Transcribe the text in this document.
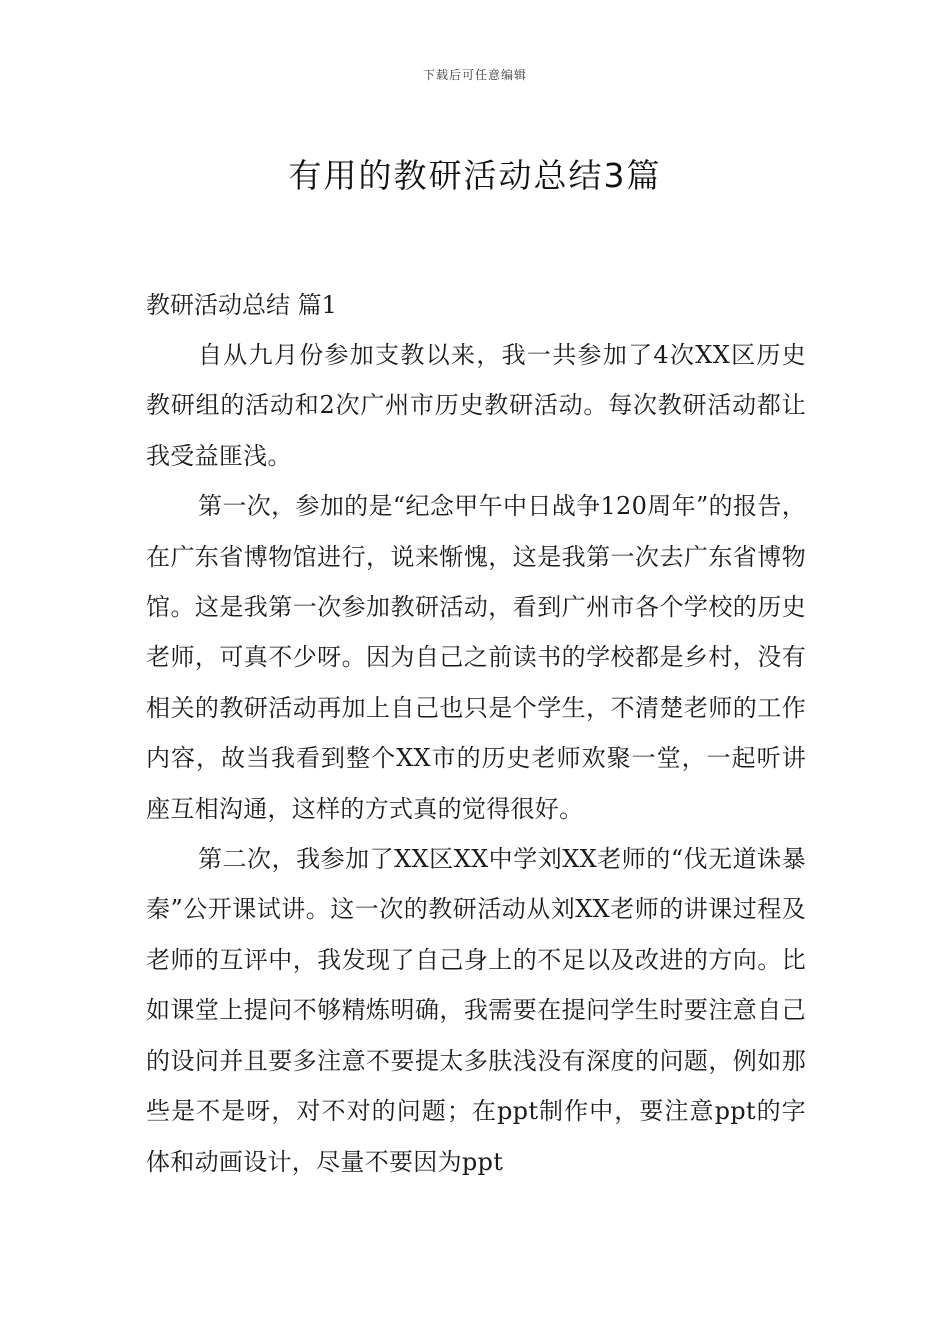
下载后可任意编辑
有用的教研活动总结3篇

教研活动总结 篇1

自从九月份参加支教以来，我一共参加了4次XX区历史教研组的活动和2次广州市历史教研活动。每次教研活动都让我受益匪浅。

第一次，参加的是“纪念甲午中日战争120周年”的报告，在广东省博物馆进行，说来惭愧，这是我第一次去广东省博物馆。这是我第一次参加教研活动，看到广州市各个学校的历史老师，可真不少呀。因为自己之前读书的学校都是乡村，没有相关的教研活动再加上自己也只是个学生，不清楚老师的工作内容，故当我看到整个XX市的历史老师欢聚一堂，一起听讲座互相沟通，这样的方式真的觉得很好。

第二次，我参加了XX区XX中学刘XX老师的“伐无道诛暴秦”公开课试讲。这一次的教研活动从刘XX老师的讲课过程及老师的互评中，我发现了自己身上的不足以及改进的方向。比如课堂上提问不够精炼明确，我需要在提问学生时要注意自己的设问并且要多注意不要提太多肤浅没有深度的问题，例如那些是不是呀，对不对的问题；在ppt制作中，要注意ppt的字体和动画设计，尽量不要因为ppt
